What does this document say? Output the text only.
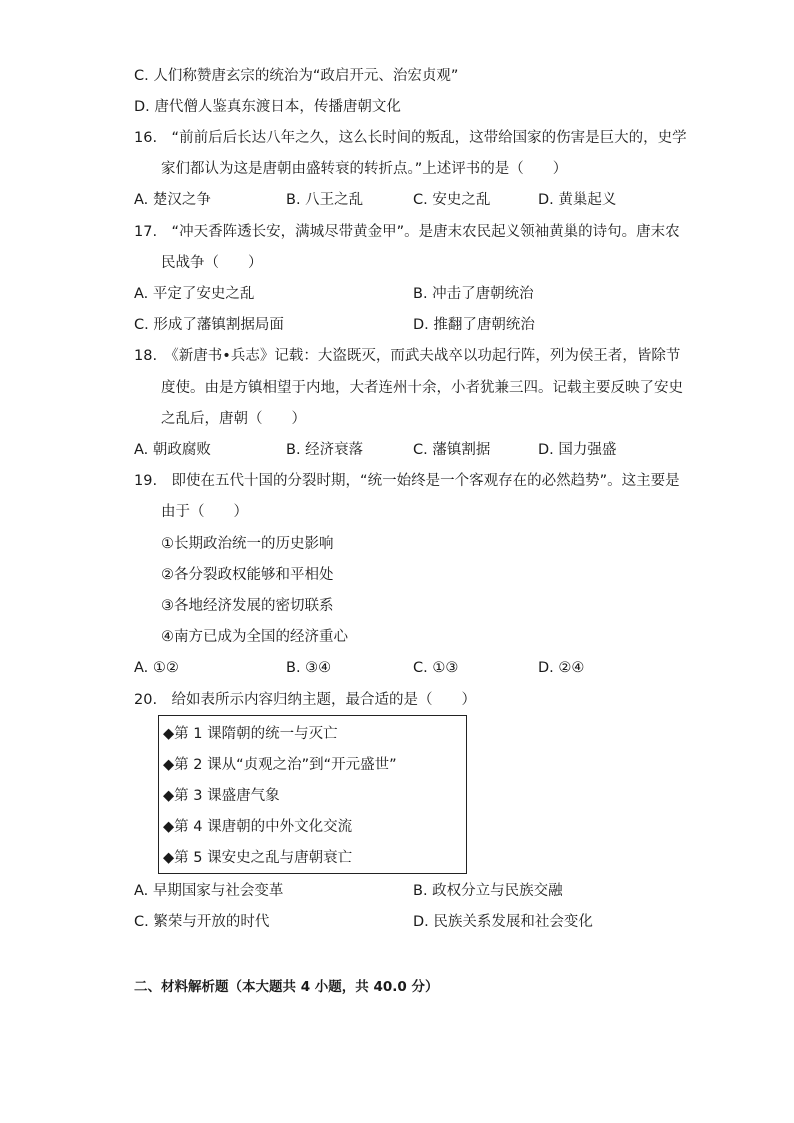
C. 人们称赞唐玄宗的统治为“政启开元、治宏贞观”
D. 唐代僧人鉴真东渡日本，传播唐朝文化
16.　“前前后后长达八年之久，这么长时间的叛乱，这带给国家的伤害是巨大的，史学
家们都认为这是唐朝由盛转衰的转折点。”上述评书的是（　　）
A. 楚汉之争	B. 八王之乱	C. 安史之乱	D. 黄巢起义
17.　“冲天香阵透长安，满城尽带黄金甲”。是唐末农民起义领袖黄巢的诗句。唐末农
民战争（　　）
A. 平定了安史之乱	B. 冲击了唐朝统治
C. 形成了藩镇割据局面	D. 推翻了唐朝统治
18.　《新唐书•兵志》记载：大盗既灭，而武夫战卒以功起行阵，列为侯王者，皆除节
度使。由是方镇相望于内地，大者连州十余，小者犹兼三四。记载主要反映了安史
之乱后，唐朝（　　）
A. 朝政腐败	B. 经济衰落	C. 藩镇割据	D. 国力强盛
19.　即使在五代十国的分裂时期，“统一始终是一个客观存在的必然趋势”。这主要是
由于（　　）
①长期政治统一的历史影响
②各分裂政权能够和平相处
③各地经济发展的密切联系
④南方已成为全国的经济重心
A. ①②	B. ③④	C. ①③	D. ②④
20.　给如表所示内容归纳主题，最合适的是（　　）
◆第 1 课隋朝的统一与灭亡
◆第 2 课从“贞观之治”到“开元盛世”
◆第 3 课盛唐气象
◆第 4 课唐朝的中外文化交流
◆第 5 课安史之乱与唐朝衰亡
A. 早期国家与社会变革	B. 政权分立与民族交融
C. 繁荣与开放的时代	D. 民族关系发展和社会变化
二、材料解析题（本大题共 4 小题，共 40.0 分）
